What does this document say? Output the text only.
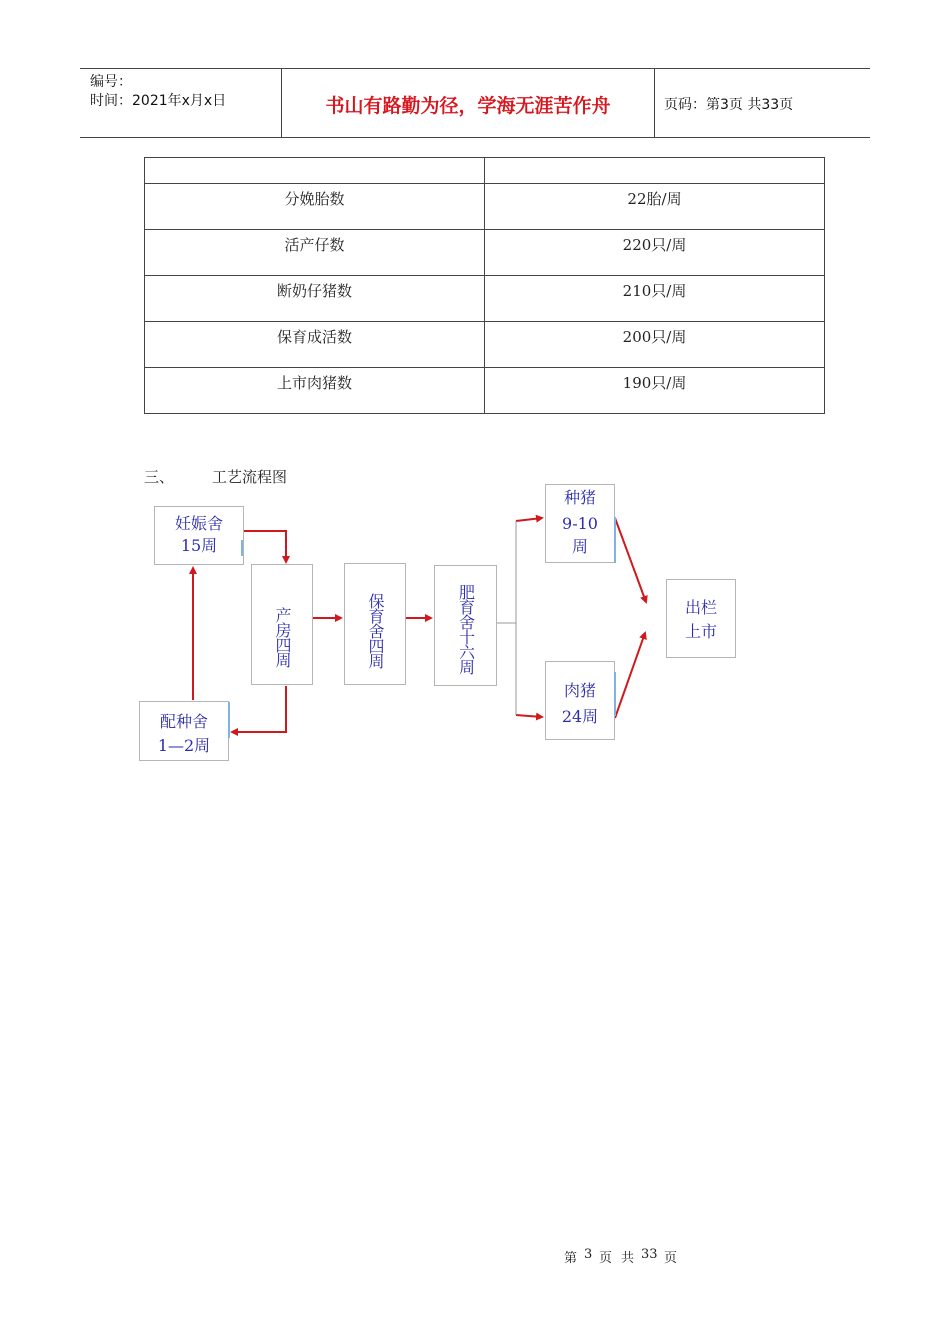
编号：
时间：2021年x月x日	书山有路勤为径，学海无涯苦作舟	页码：第3页 共33页

分娩胎数	22胎/周
活产仔数	220只/周
断奶仔猪数	210只/周
保育成活数	200只/周
上市肉猪数	190只/周
三、	工艺流程图
妊娠舍
15周
产房四周	保育舍四周	肥育舍十六周
配种舍
1—2周
种猪
9-10
周
肉猪
24周
出栏
上市
第 3 页 共 33 页
